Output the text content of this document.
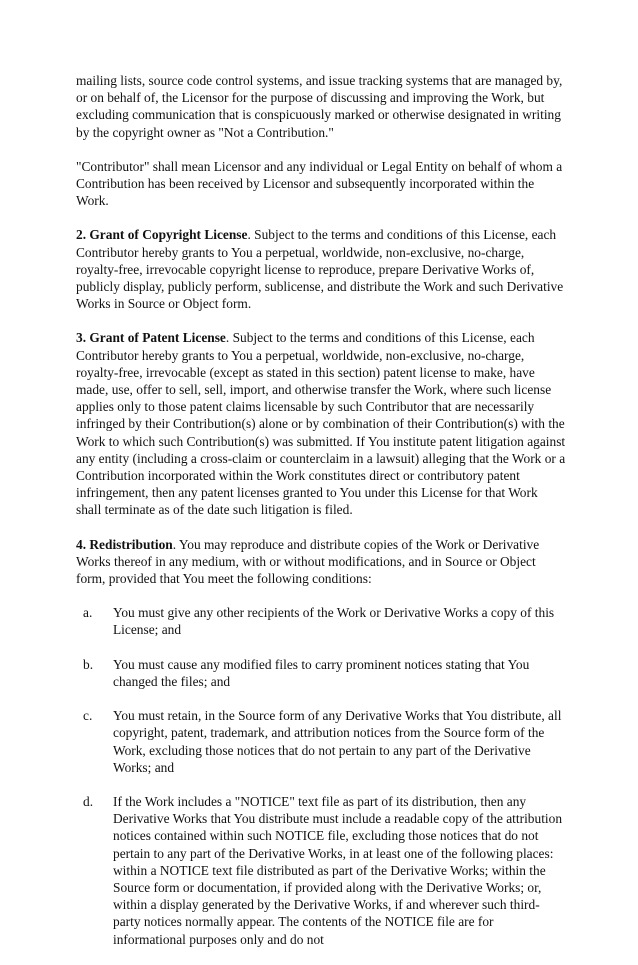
mailing lists, source code control systems, and issue tracking systems that are managed by, or on behalf of, the Licensor for the purpose of discussing and improving the Work, but excluding communication that is conspicuously marked or otherwise designated in writing by the copyright owner as "Not a Contribution."

"Contributor" shall mean Licensor and any individual or Legal Entity on behalf of whom a Contribution has been received by Licensor and subsequently incorporated within the Work.

2. Grant of Copyright License. Subject to the terms and conditions of this License, each Contributor hereby grants to You a perpetual, worldwide, non-exclusive, no-charge, royalty-free, irrevocable copyright license to reproduce, prepare Derivative Works of, publicly display, publicly perform, sublicense, and distribute the Work and such Derivative Works in Source or Object form.

3. Grant of Patent License. Subject to the terms and conditions of this License, each Contributor hereby grants to You a perpetual, worldwide, non-exclusive, no-charge, royalty-free, irrevocable (except as stated in this section) patent license to make, have made, use, offer to sell, sell, import, and otherwise transfer the Work, where such license applies only to those patent claims licensable by such Contributor that are necessarily infringed by their Contribution(s) alone or by combination of their Contribution(s) with the Work to which such Contribution(s) was submitted. If You institute patent litigation against any entity (including a cross-claim or counterclaim in a lawsuit) alleging that the Work or a Contribution incorporated within the Work constitutes direct or contributory patent infringement, then any patent licenses granted to You under this License for that Work shall terminate as of the date such litigation is filed.

4. Redistribution. You may reproduce and distribute copies of the Work or Derivative Works thereof in any medium, with or without modifications, and in Source or Object form, provided that You meet the following conditions:

a. You must give any other recipients of the Work or Derivative Works a copy of this License; and
b. You must cause any modified files to carry prominent notices stating that You changed the files; and
c. You must retain, in the Source form of any Derivative Works that You distribute, all copyright, patent, trademark, and attribution notices from the Source form of the Work, excluding those notices that do not pertain to any part of the Derivative Works; and
d. If the Work includes a "NOTICE" text file as part of its distribution, then any Derivative Works that You distribute must include a readable copy of the attribution notices contained within such NOTICE file, excluding those notices that do not pertain to any part of the Derivative Works, in at least one of the following places: within a NOTICE text file distributed as part of the Derivative Works; within the Source form or documentation, if provided along with the Derivative Works; or, within a display generated by the Derivative Works, if and wherever such third-party notices normally appear. The contents of the NOTICE file are for informational purposes only and do not
